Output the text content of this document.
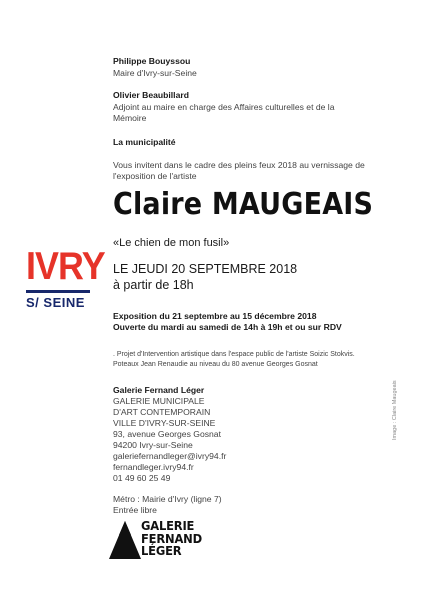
Philippe Bouyssou
Maire d'Ivry-sur-Seine
Olivier Beaubillard
Adjoint au maire en charge des Affaires culturelles et de la
Mémoire
La municipalité
Vous invitent dans le cadre des pleins feux 2018 au vernissage de
l'exposition de l'artiste
Claire MAUGEAIS
«Le chien de mon fusil»
LE JEUDI 20 SEPTEMBRE 2018
à partir de 18h
IVRY
S/ SEINE
Exposition du 21 septembre au 15 décembre 2018
Ouverte du mardi au samedi de 14h à 19h et ou sur RDV
. Projet d'Intervention artistique dans l'espace public de l'artiste Soizic Stokvis.
Poteaux Jean Renaudie au niveau du 80 avenue Georges Gosnat
Galerie Fernand Léger
GALERIE MUNICIPALE
D'ART CONTEMPORAIN
VILLE D'IVRY-SUR-SEINE
93, avenue Georges Gosnat
94200 Ivry-sur-Seine
galeriefernandleger@ivry94.fr
fernandleger.ivry94.fr
01 49 60 25 49
Métro : Mairie d'Ivry (ligne 7)
Entrée libre
Image : Claire Maugeais
GALERIE
FERNAND
LÉGER
